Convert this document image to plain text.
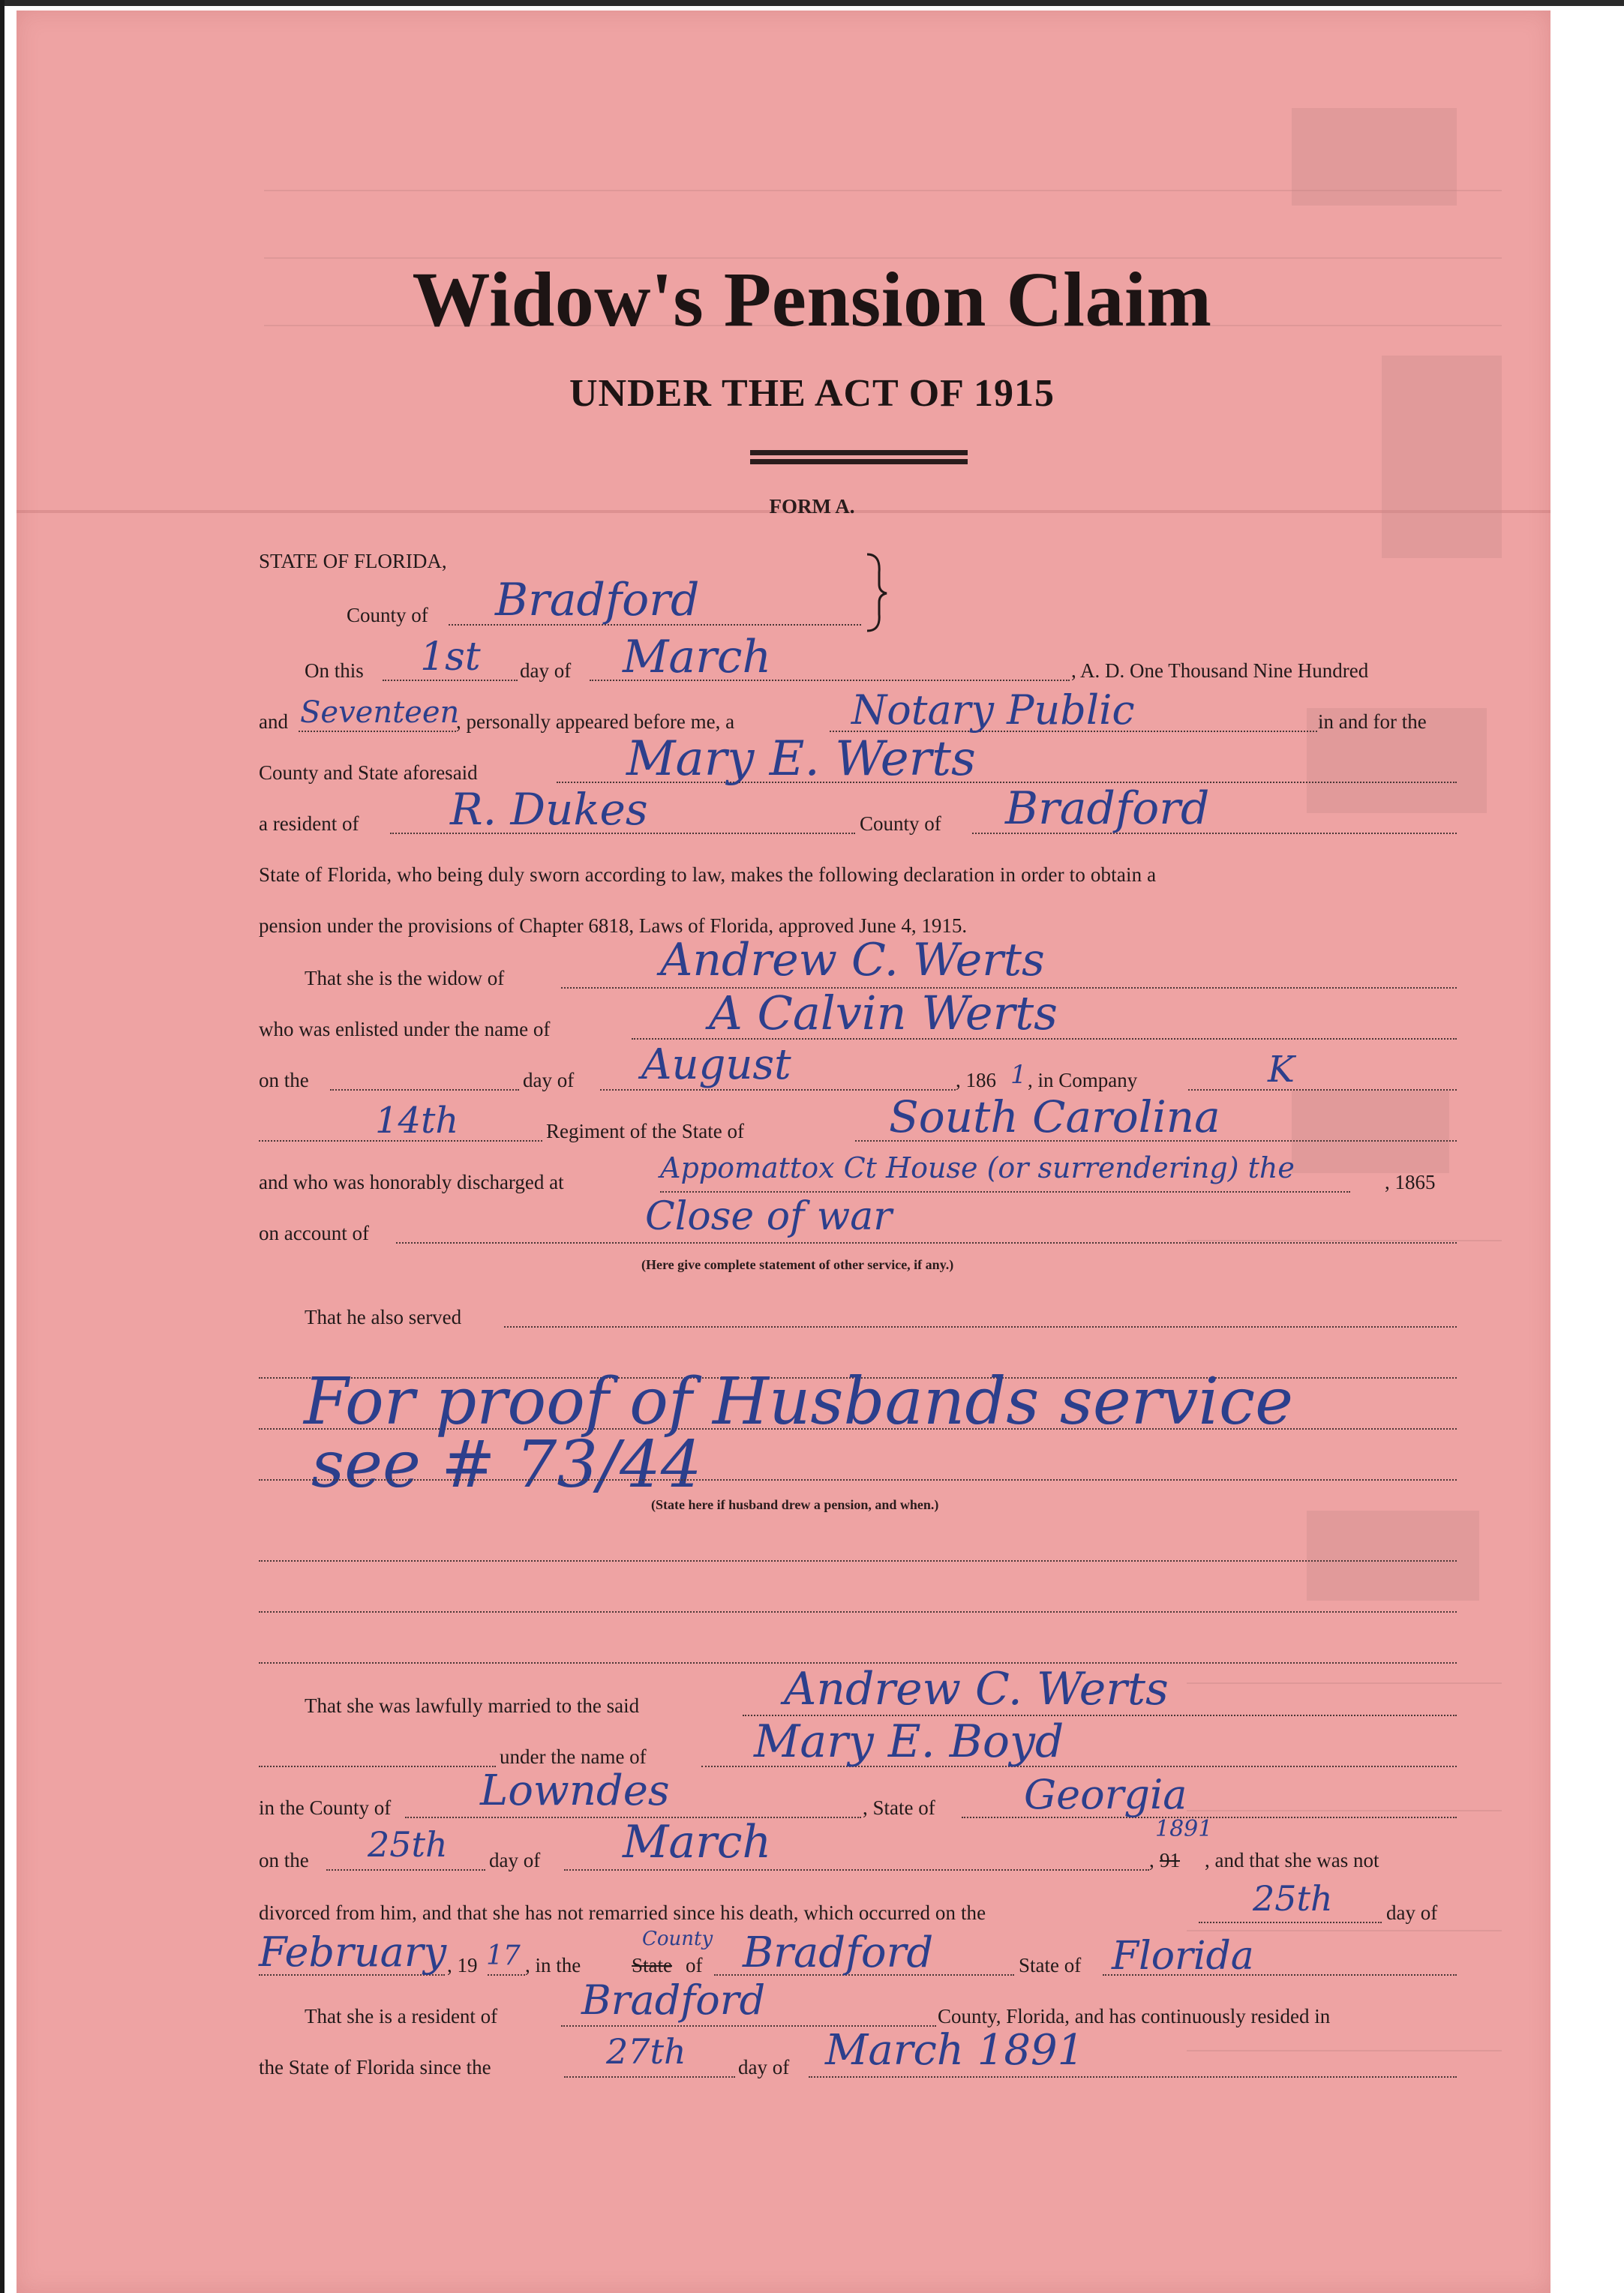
Widow's Pension Claim
UNDER THE ACT OF 1915
FORM A.
STATE OF FLORIDA,
County of Bradford
On this 1st day of March	, A. D. One Thousand Nine Hundred
and Seventeen
, personally appeared before me, a	Notary Public	in and for the
County and State aforesaid	Mary E. Werts
a resident of R. Dukes	County of Bradford
State of Florida, who being duly sworn according to law, makes the following declaration in order to obtain a
pension under the provisions of Chapter 6818, Laws of Florida, approved June 4, 1915.
That she is the widow of	Andrew C. Werts
who was enlisted under the name of	A Calvin Werts
on the	day of August	, 186 1 , in Company	K
14th	Regiment of the State of	South Carolina
and who was honorably discharged at	Appomattox Ct House (or surrendering) the	, 1865
on account of	Close of war
(Here give complete statement of other service, if any.)
That he also served
For proof of Husbands service
see # 73/44
(State here if husband drew a pension, and when.)
That she was lawfully married to the said	Andrew C. Werts
under the name of Mary E. Boyd
in the County of Lowndes	, State of Georgia
on the 25th day of March	1891
, 91 , and that she was not
divorced from him, and that she has not remarried since his death, which occurred on the	25th	day of
February , 19 17 , in the
County
State of Bradford	State of Florida
That she is a resident of Bradford	County, Florida, and has continuously resided in
the State of Florida since the	27th	day of March 1891
